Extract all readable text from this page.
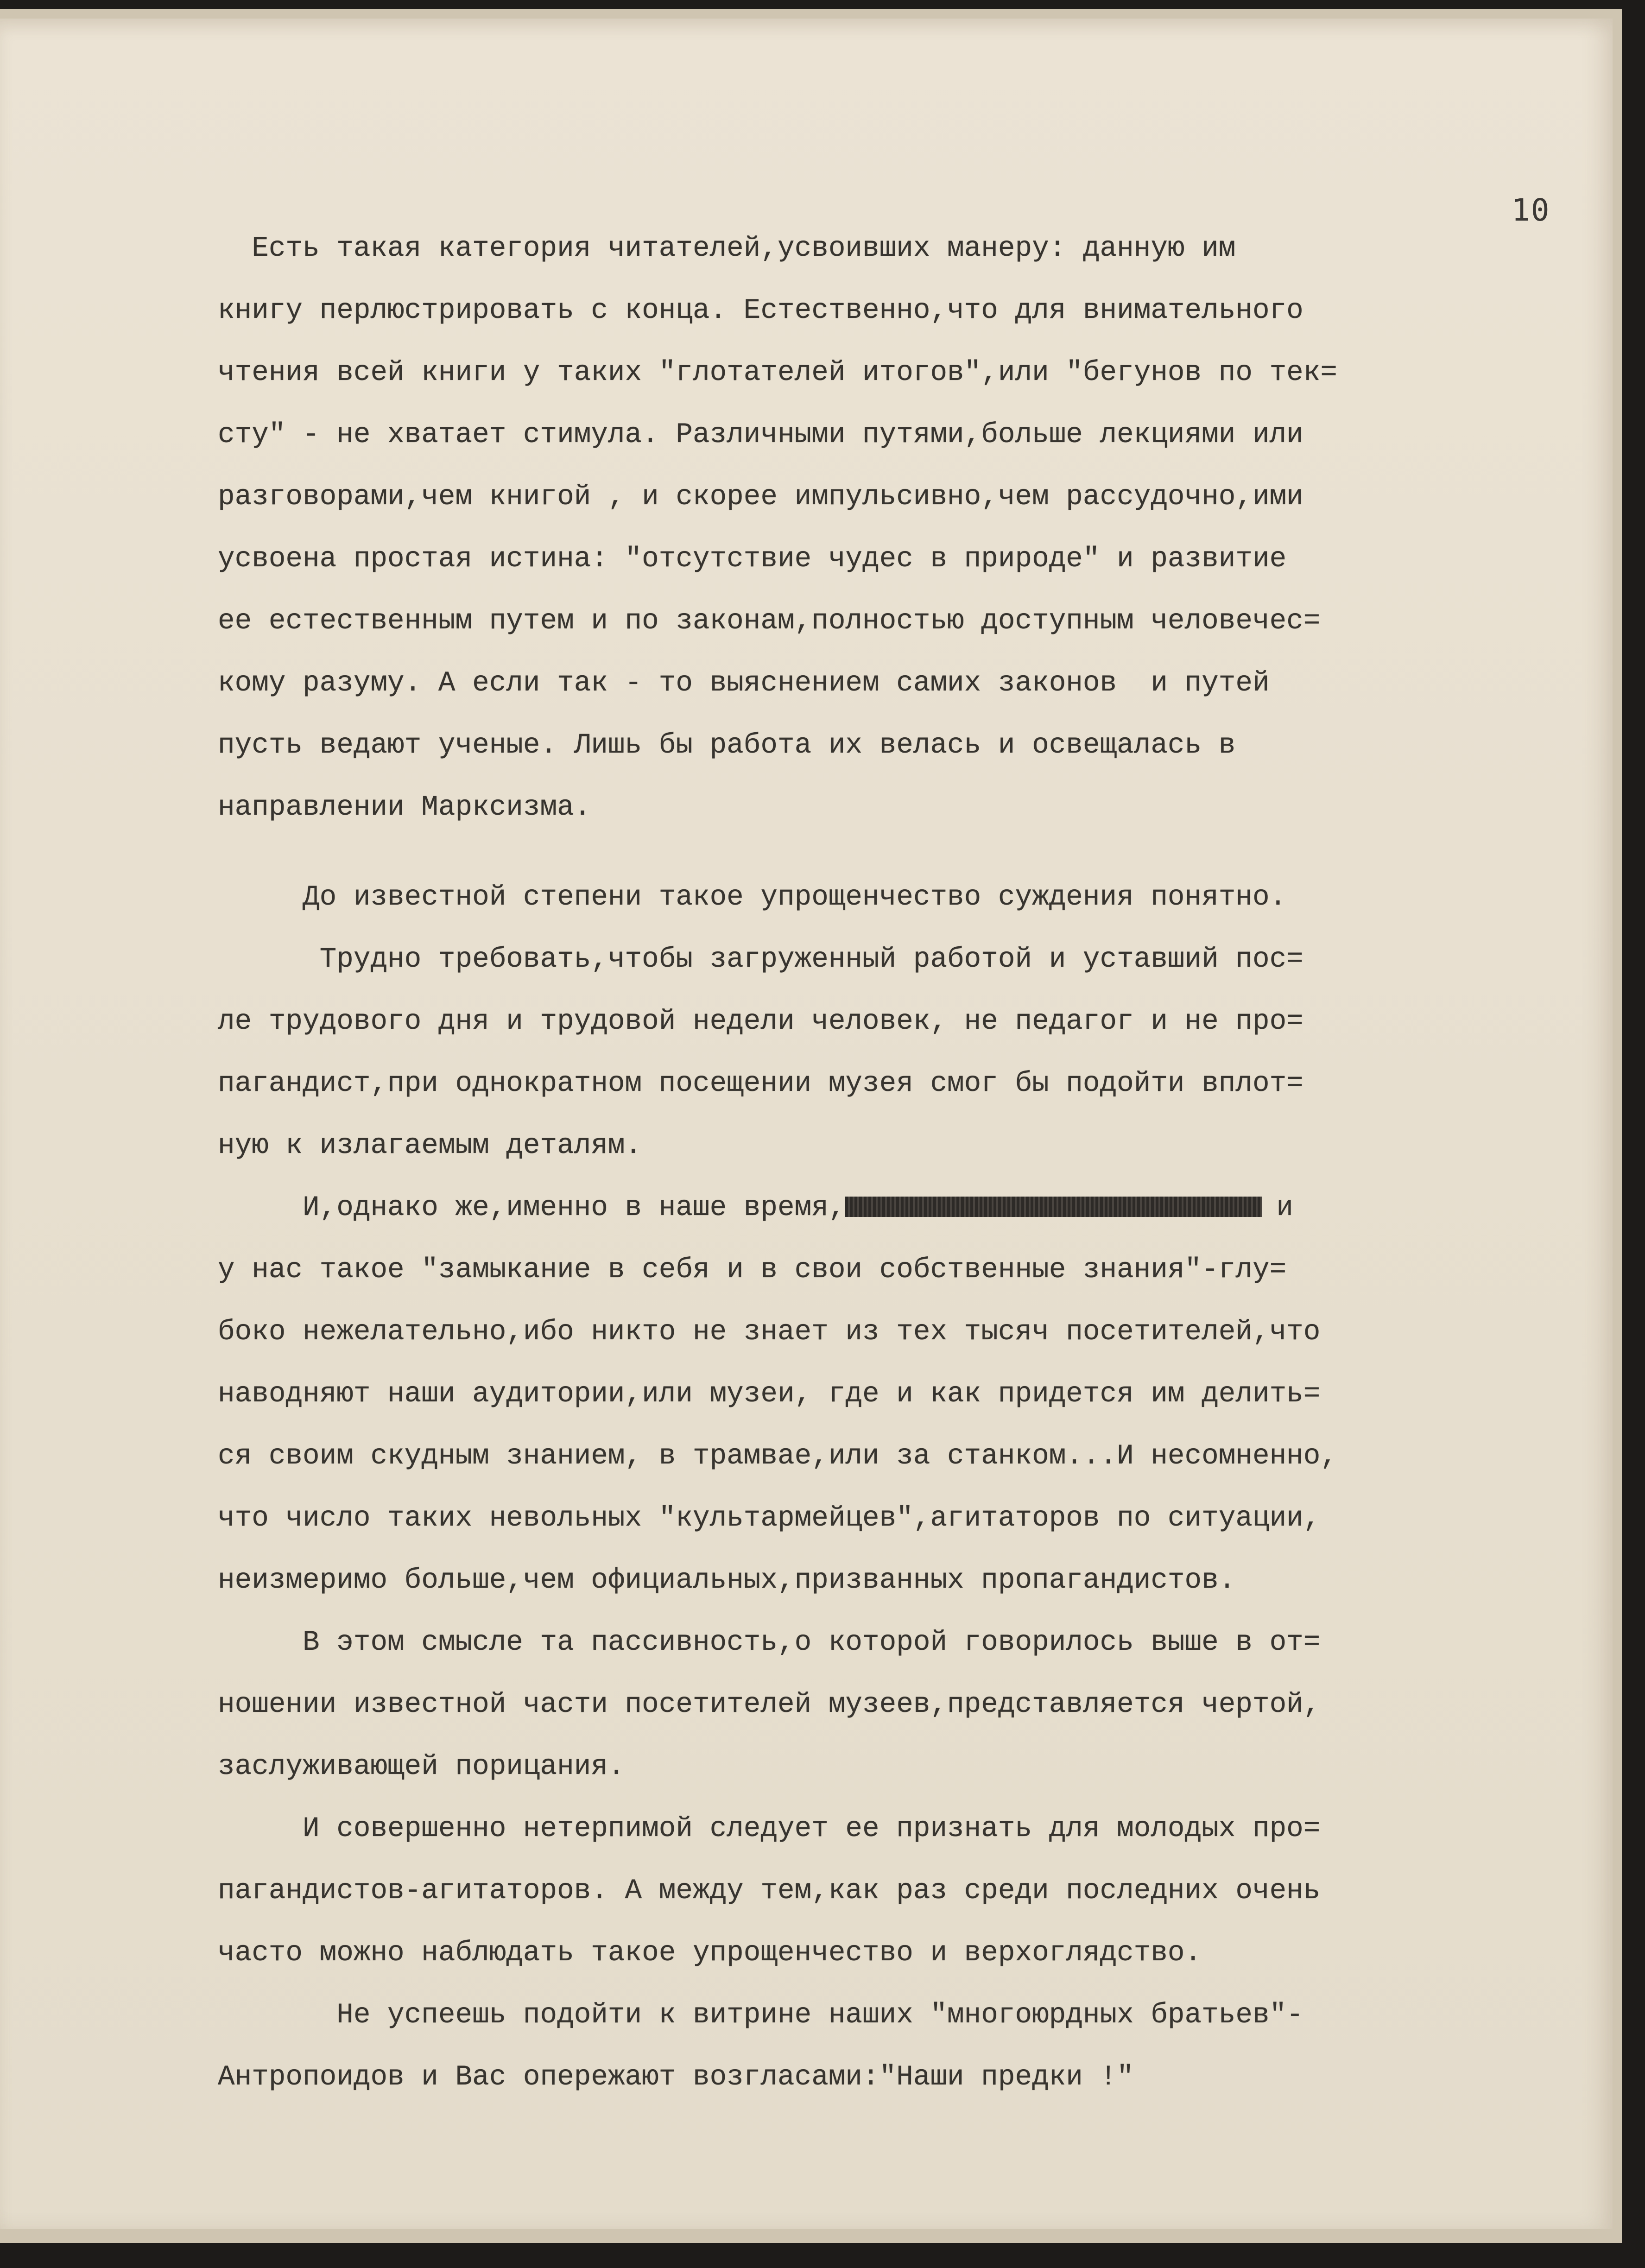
10
Есть такая категория читателей,усвоивших манеру: данную им
книгу перлюстрировать с конца. Естественно,что для внимательного
чтения всей книги у таких "глотателей итогов",или "бегунов по тек=
сту" - не хватает стимула. Различными путями,больше лекциями или
разговорами,чем книгой , и скорее импульсивно,чем рассудочно,ими
усвоена простая истина: "отсутствие чудес в природе" и развитие
ее естественным путем и по законам,полностью доступным человечес=
кому разуму. А если так - то выяснением самих законов  и путей
пусть ведают ученые. Лишь бы работа их велась и освещалась в
направлении Марксизма.
До известной степени такое упрощенчество суждения понятно.
Трудно требовать,чтобы загруженный работой и уставший пос=
ле трудового дня и трудовой недели человек, не педагог и не про=
пагандист,при однократном посещении музея смог бы подойти вплот=
ную к излагаемым деталям.
И,однако же,именно в наше время,	и
у нас такое "замыкание в себя и в свои собственные знания"-глу=
боко нежелательно,ибо никто не знает из тех тысяч посетителей,что
наводняют наши аудитории,или музеи, где и как придется им делить=
ся своим скудным знанием, в трамвае,или за станком...И несомненно,
что число таких невольных "культармейцев",агитаторов по ситуации,
неизмеримо больше,чем официальных,призванных пропагандистов.
В этом смысле та пассивность,о которой говорилось выше в от=
ношении известной части посетителей музеев,представляется чертой,
заслуживающей порицания.
И совершенно нетерпимой следует ее признать для молодых про=
пагандистов-агитаторов. А между тем,как раз среди последних очень
часто можно наблюдать такое упрощенчество и верхоглядство.
Не успеешь подойти к витрине наших "многоюрдных братьев"-
Антропоидов и Вас опережают возгласами:"Наши предки !"
